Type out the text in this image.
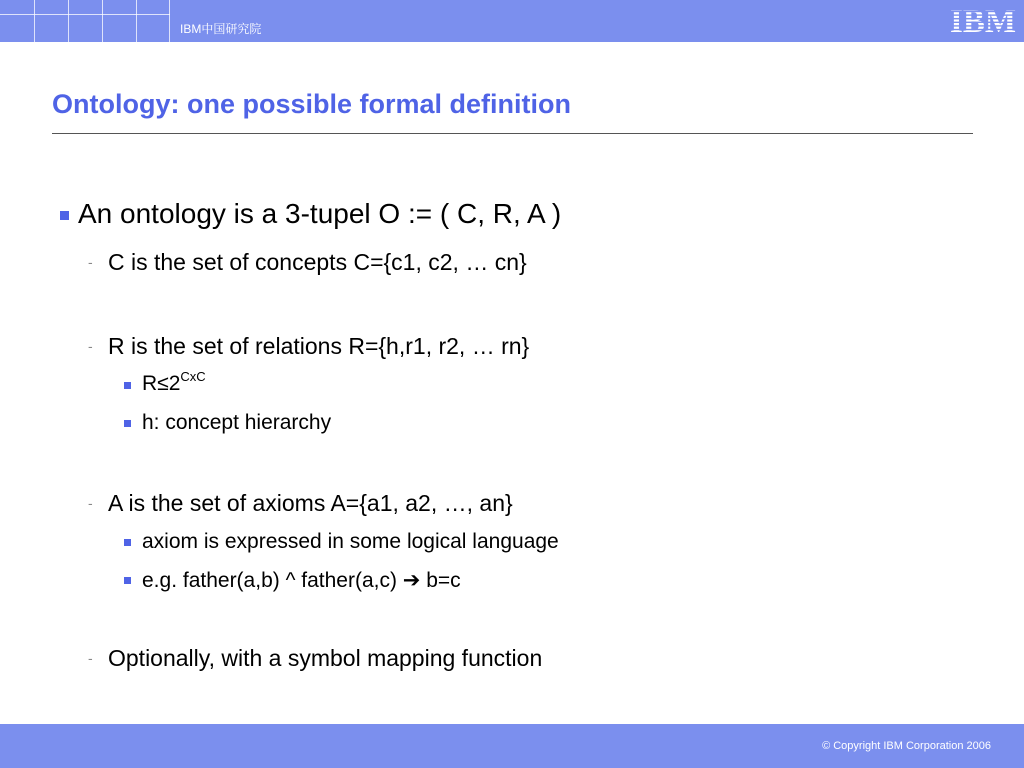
IBM中国研究院	IBM
Ontology: one possible formal definition
An ontology is a 3-tupel O := ( C, R, A )
- C is the set of concepts C={c1, c2, … cn}
- R is the set of relations R={h,r1, r2, … rn}
$R\le 2^{CxC}$
h: concept hierarchy
- A is the set of axioms A={a1, a2, …, an}
axiom is expressed in some logical language
e.g. father(a,b) ^ father(a,c) ➔ b=c
- Optionally, with a symbol mapping function
© Copyright IBM Corporation 2006
